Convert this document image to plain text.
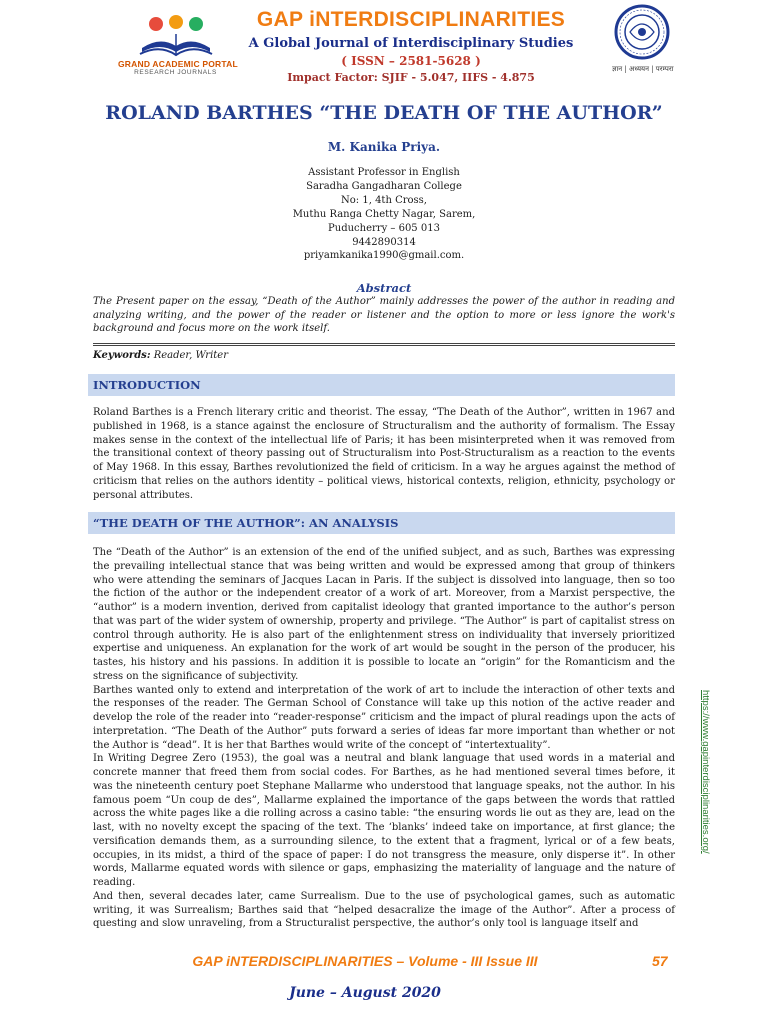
GRAND ACADEMIC PORTAL
RESEARCH JOURNALS
GAP iNTERDISCIPLINARITIES
A Global Journal of Interdisciplinary Studies
( ISSN – 2581-5628 )
Impact Factor: SJIF - 5.047, IIFS - 4.875
ज्ञान | अध्ययन | परम्परा
ROLAND BARTHES “THE DEATH OF THE AUTHOR”
M. Kanika Priya.
Assistant Professor in English
Saradha Gangadharan College
No: 1, 4th Cross,
Muthu Ranga Chetty Nagar, Sarem,
Puducherry – 605 013
9442890314
priyamkanika1990@gmail.com.
Abstract
The Present paper on the essay, “Death of the Author” mainly addresses the power of the author in reading and analyzing writing, and the power of the reader or listener and the option to more or less ignore the work's background and focus more on the work itself.
Keywords: Reader, Writer
INTRODUCTION
Roland Barthes is a French literary critic and theorist. The essay, “The Death of the Author”, written in 1967 and published in 1968, is a stance against the enclosure of Structuralism and the authority of formalism. The Essay makes sense in the context of the intellectual life of Paris; it has been misinterpreted when it was removed from the transitional context of theory passing out of Structuralism into Post-Structuralism as a reaction to the events of May 1968. In this essay, Barthes revolutionized the field of criticism. In a way he argues against the method of criticism that relies on the authors identity – political views, historical contexts, religion, ethnicity, psychology or personal attributes.
“THE DEATH OF THE AUTHOR”: AN ANALYSIS

The “Death of the Author” is an extension of the end of the unified subject, and as such, Barthes was expressing the prevailing intellectual stance that was being written and would be expressed among that group of thinkers who were attending the seminars of Jacques Lacan in Paris. If the subject is dissolved into language, then so too the fiction of the author or the independent creator of a work of art. Moreover, from a Marxist perspective, the “author” is a modern invention, derived from capitalist ideology that granted importance to the author’s person that was part of the wider system of ownership, property and privilege. “The Author” is part of capitalist stress on control through authority. He is also part of the enlightenment stress on individuality that inversely prioritized expertise and uniqueness. An explanation for the work of art would be sought in the person of the producer, his tastes, his history and his passions. In addition it is possible to locate an “origin” for the Romanticism and the stress on the significance of subjectivity.

Barthes wanted only to extend and interpretation of the work of art to include the interaction of other texts and the responses of the reader. The German School of Constance will take up this notion of the active reader and develop the role of the reader into “reader-response” criticism and the impact of plural readings upon the acts of interpretation. “The Death of the Author” puts forward a series of ideas far more important than whether or not the Author is “dead”. It is her that Barthes would write of the concept of “intertextuality”.

In Writing Degree Zero (1953), the goal was a neutral and blank language that used words in a material and concrete manner that freed them from social codes. For Barthes, as he had mentioned several times before, it was the nineteenth century poet Stephane Mallarme who understood that language speaks, not the author. In his famous poem “Un coup de des”, Mallarme explained the importance of the gaps between the words that rattled across the white pages like a die rolling across a casino table: “the ensuring words lie out as they are, lead on the last, with no novelty except the spacing of the text. The ‘blanks’ indeed take on importance, at first glance; the versification demands them, as a surrounding silence, to the extent that a fragment, lyrical or of a few beats, occupies, in its midst, a third of the space of paper: I do not transgress the measure, only disperse it”. In other words, Mallarme equated words with silence or gaps, emphasizing the materiality of language and the nature of reading.

And then, several decades later, came Surrealism. Due to the use of psychological games, such as automatic writing, it was Surrealism; Barthes said that “helped desacralize the image of the Author”. After a process of questing and slow unraveling, from a Structuralist perspective, the author’s only tool is language itself and

https://www.gapinterdisciplinarities.org/
GAP iNTERDISCIPLINARITIES – Volume - III Issue III	57
June – August 2020
